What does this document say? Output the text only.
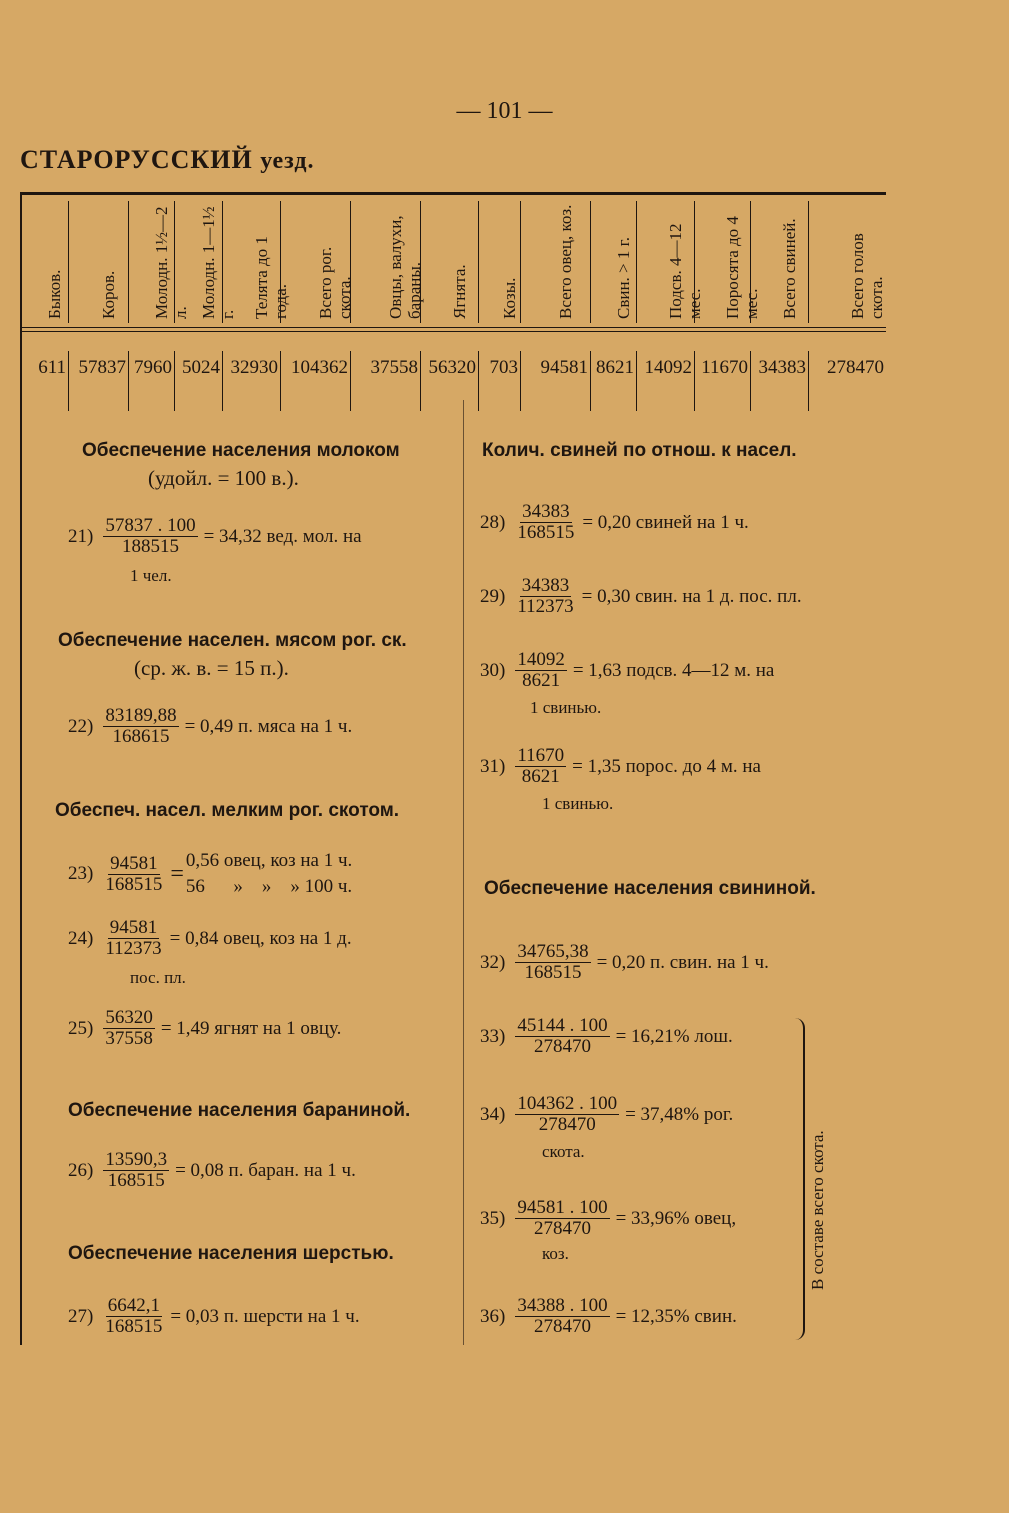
— 101 —
СТАРОРУССКИЙ уезд.
Быков. Коров. Молодн. 1½—2 л. Молодн. 1—1½ г. Телята до 1 года. Всего рог. скота. Овцы, валухи, бараны. Ягнята. Козы. Всего овец, коз. Свин. > 1 г. Подсв. 4—12 мес. Поросята до 4 мес. Всего свиней.	Всего голов скота.
611 57837 7960 5024 32930 104362 37558 56320 703 94581 8621 14092 11670 34383 278470
Обеспечение населения молоком
(удойл. = 100 в.).
$21) \frac{57837 . 100}{188515} = 34,32$ вед. мол. на
1 чел.
Обеспечение населен. мясом рог. ск.
(ср. ж. в. = 15 п.).
$22) \frac{83189,88}{168615} = 0,49$ п. мяса на 1 ч.
Обеспеч. насел. мелким рог. скотом.
$23) \frac{94581}{168515} = 0,56$ овец, коз на 1 ч.
56      »    »    » 100 ч.
$24) \frac{94581}{112373} = 0,84$ овец, коз на 1 д.
пос. пл.
$25) \frac{56320}{37558} = 1,49$ ягнят на 1 овцу.
Обеспечение населения бараниной.
$26) \frac{13590,3}{168515} = 0,08$ п. баран. на 1 ч.
Обеспечение населения шерстью.
$27) \frac{6642,1}{168515} = 0,03$ п. шерсти на 1 ч.
Колич. свиней по отнош. к насел.
$28) \frac{34383}{168515} = 0,20$ свиней на 1 ч.
$29) \frac{34383}{112373} = 0,30$ свин. на 1 д. пос. пл.
$30) \frac{14092}{8621} = 1,63$ подсв. 4—12 м. на
1 свинью.
$31) \frac{11670}{8621} = 1,35$ порос. до 4 м. на
1 свинью.
Обеспечение населения свининой.
$32) \frac{34765,38}{168515} = 0,20$ п. свин. на 1 ч.
$33) \frac{45144 . 100}{278470} = 16,21\%$ лош.
$34) \frac{104362 . 100}{278470} = 37,48\%$ рог.
скота.
$35) \frac{94581 . 100}{278470} = 33,96\%$ овец,
коз.
$36) \frac{34388 . 100}{278470} = 12,35\%$ свин.
В составе всего скота.
